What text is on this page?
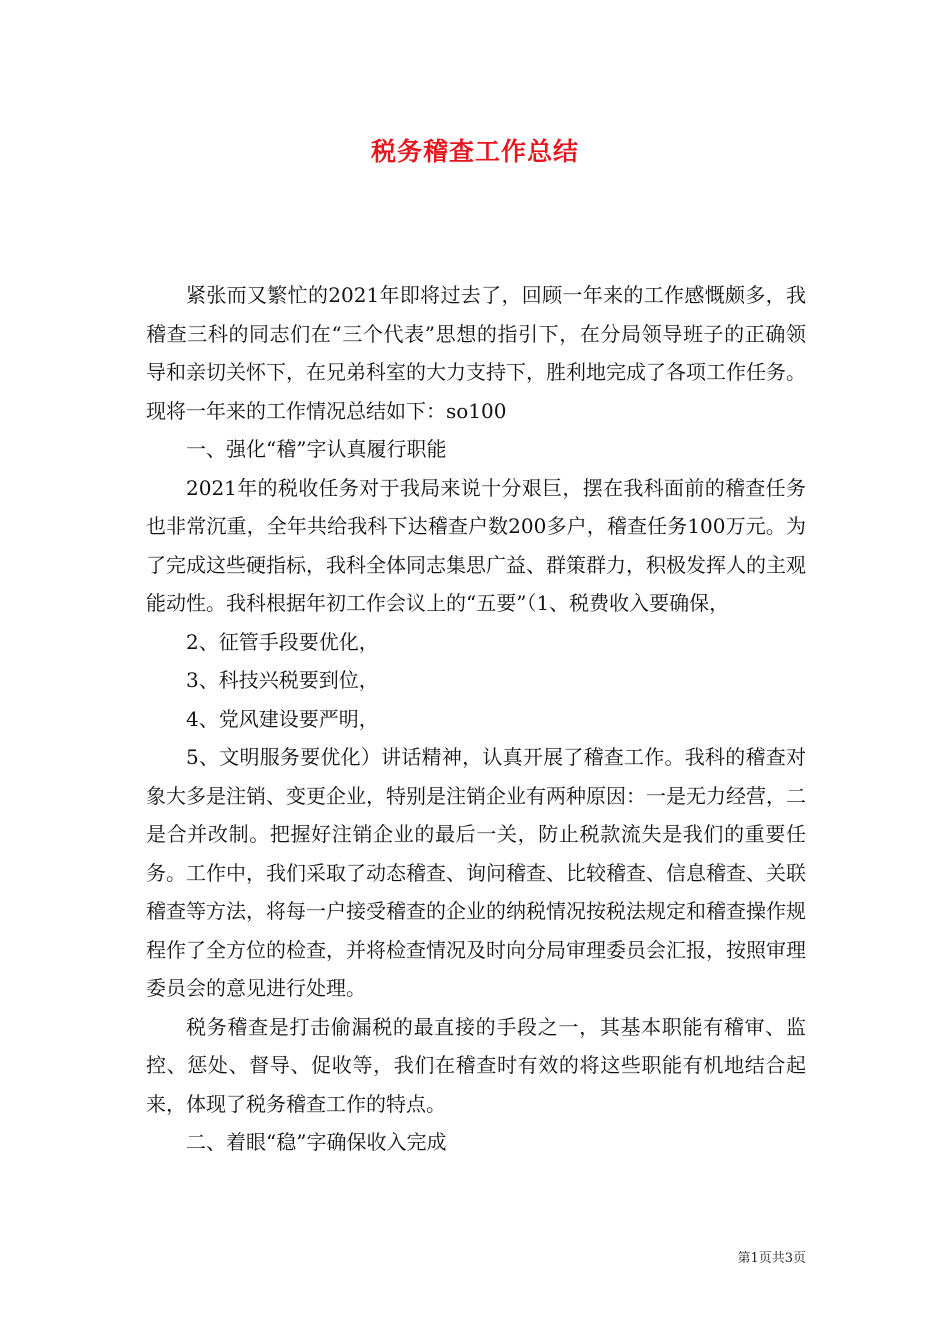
税务稽查工作总结

紧张而又繁忙的2021年即将过去了，回顾一年来的工作感慨颇多，我稽查三科的同志们在“三个代表”思想的指引下，在分局领导班子的正确领导和亲切关怀下，在兄弟科室的大力支持下，胜利地完成了各项工作任务。现将一年来的工作情况总结如下：so100

一、强化“稽”字认真履行职能

2021年的税收任务对于我局来说十分艰巨，摆在我科面前的稽查任务也非常沉重，全年共给我科下达稽查户数200多户，稽查任务100万元。为了完成这些硬指标，我科全体同志集思广益、群策群力，积极发挥人的主观能动性。我科根据年初工作会议上的“五要”（1、税费收入要确保，

2、征管手段要优化，

3、科技兴税要到位，

4、党风建设要严明，

5、文明服务要优化）讲话精神，认真开展了稽查工作。我科的稽查对象大多是注销、变更企业，特别是注销企业有两种原因：一是无力经营，二是合并改制。把握好注销企业的最后一关，防止税款流失是我们的重要任务。工作中，我们采取了动态稽查、询问稽查、比较稽查、信息稽查、关联稽查等方法，将每一户接受稽查的企业的纳税情况按税法规定和稽查操作规程作了全方位的检查，并将检查情况及时向分局审理委员会汇报，按照审理委员会的意见进行处理。

税务稽查是打击偷漏税的最直接的手段之一，其基本职能有稽审、监控、惩处、督导、促收等，我们在稽查时有效的将这些职能有机地结合起来，体现了税务稽查工作的特点。

二、着眼“稳”字确保收入完成

第1页共3页
